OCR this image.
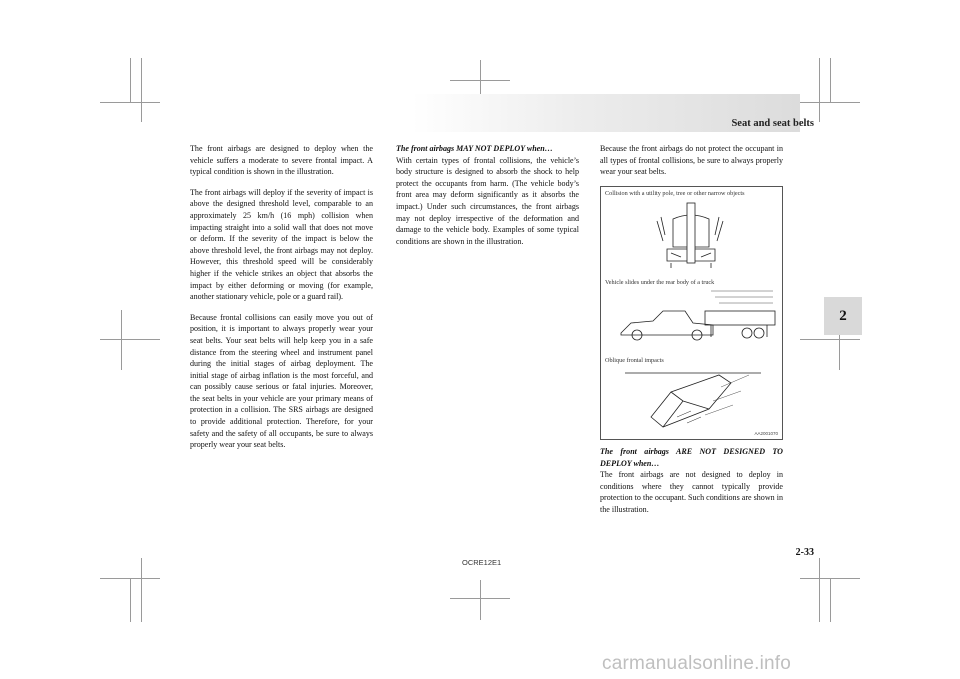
Seat and seat belts
2

The front airbags are designed to deploy when the vehicle suffers a moderate to severe frontal impact. A typical condition is shown in the illustration.

The front airbags will deploy if the severity of impact is above the designed threshold level, comparable to an approximately 25 km/h (16 mph) collision when impacting straight into a solid wall that does not move or deform. If the severity of the impact is below the above threshold level, the front airbags may not deploy. However, this threshold speed will be considerably higher if the vehicle strikes an object that absorbs the impact by either deforming or moving (for example, another stationary vehicle, pole or a guard rail).

Because frontal collisions can easily move you out of position, it is important to always properly wear your seat belts. Your seat belts will help keep you in a safe distance from the steering wheel and instrument panel during the initial stages of airbag deployment. The initial stage of airbag inflation is the most forceful, and can possibly cause serious or fatal injuries. Moreover, the seat belts in your vehicle are your primary means of protection in a collision. The SRS airbags are designed to provide additional protection. Therefore, for your safety and the safety of all occupants, be sure to always properly wear your seat belts.

The front airbags MAY NOT DEPLOY when…

With certain types of frontal collisions, the vehicle’s body structure is designed to absorb the shock to help protect the occupants from harm. (The vehicle body’s front area may deform significantly as it absorbs the impact.) Under such circumstances, the front airbags may not deploy irrespective of the deformation and damage to the vehicle body. Examples of some typical conditions are shown in the illustration.

Because the front airbags do not protect the occupant in all types of frontal collisions, be sure to always properly wear your seat belts.

Collision with a utility pole, tree or other narrow objects
Vehicle slides under the rear body of a truck
Oblique frontal impacts
AA2001070
The front airbags ARE NOT DESIGNED TO DEPLOY when…

The front airbags are not designed to deploy in conditions where they cannot typically provide protection to the occupant. Such conditions are shown in the illustration.

OCRE12E1
2-33
carmanualsonline.info
